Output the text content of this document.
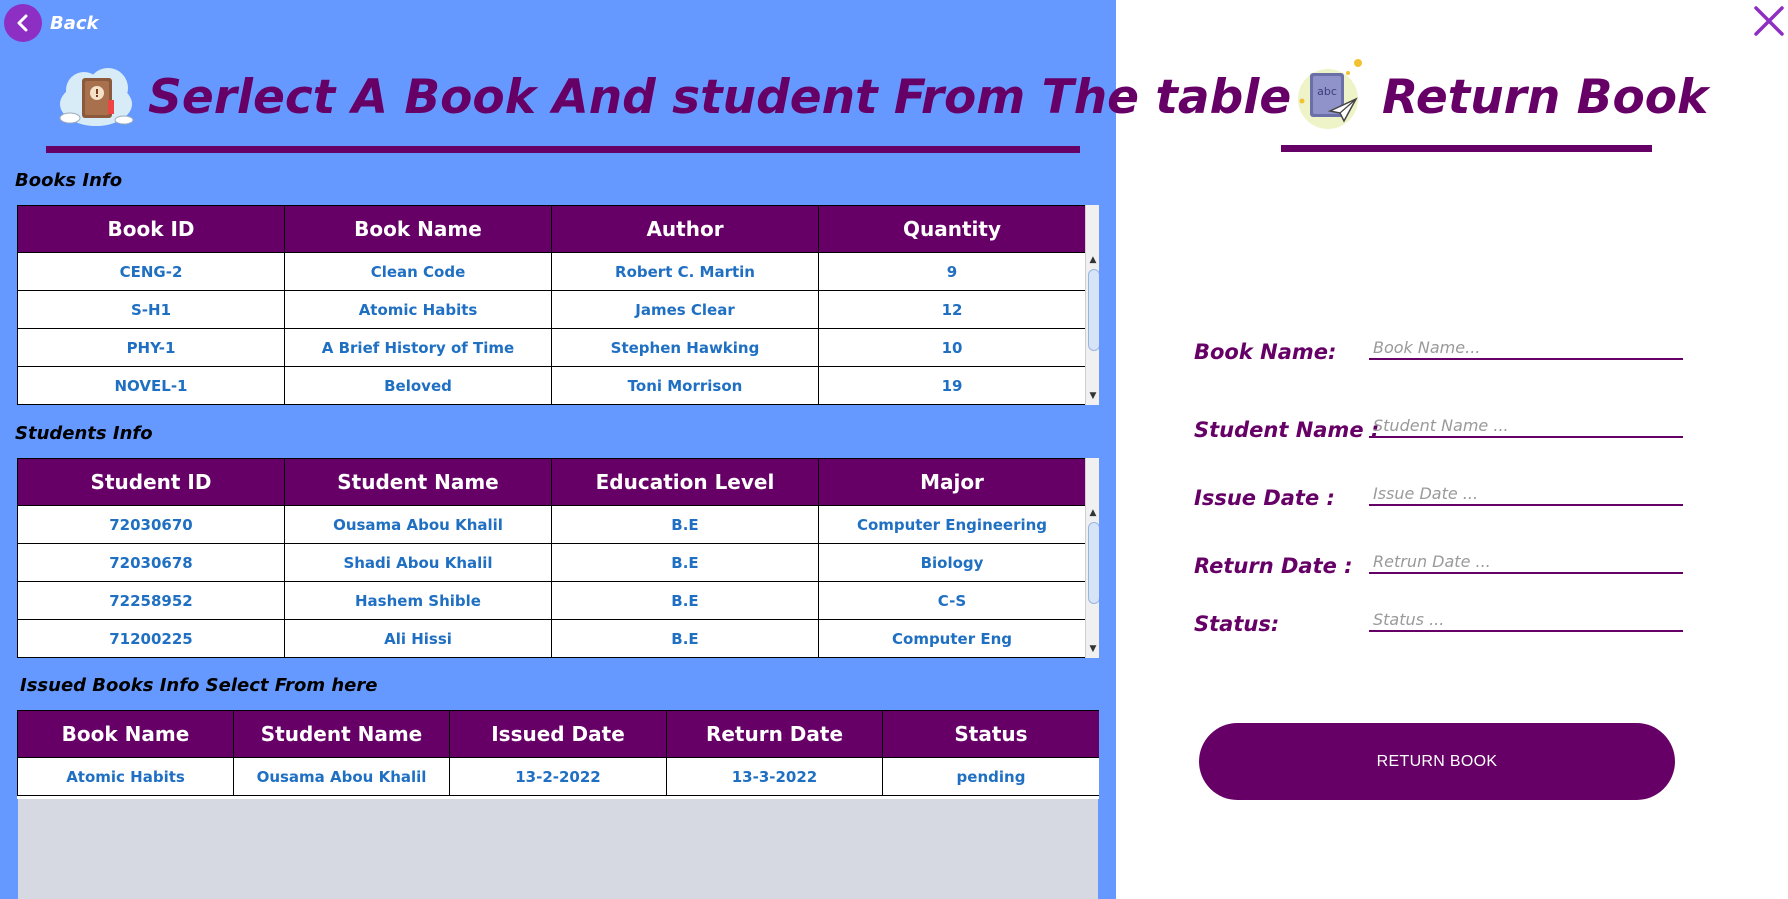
Back
Serlect A Book And student From The table
Books Info
Book ID	Book Name	Author	Quantity
CENG-2	Clean Code	Robert C. Martin	9
S-H1	Atomic Habits	James Clear	12
PHY-1	A Brief History of Time	Stephen Hawking	10
NOVEL-1	Beloved	Toni Morrison	19
▲
▼
Students Info
Student ID	Student Name	Education Level	Major
72030670	Ousama Abou Khalil	B.E	Computer Engineering
72030678	Shadi Abou Khalil	B.E	Biology
72258952	Hashem Shible	B.E	C-S
71200225	Ali Hissi	B.E	Computer Eng
▲
▼
Issued Books Info Select From here
Book Name	Student Name	Issued Date	Return Date	Status
Atomic Habits	Ousama Abou Khalil	13-2-2022	13-3-2022	pending
abc Return Book
Book Name:
Book Name...
Student Name :
Student Name ...
Issue Date :
Issue Date ...
Return Date :
Retrun Date ...
Status:
Status ...
RETURN BOOK
